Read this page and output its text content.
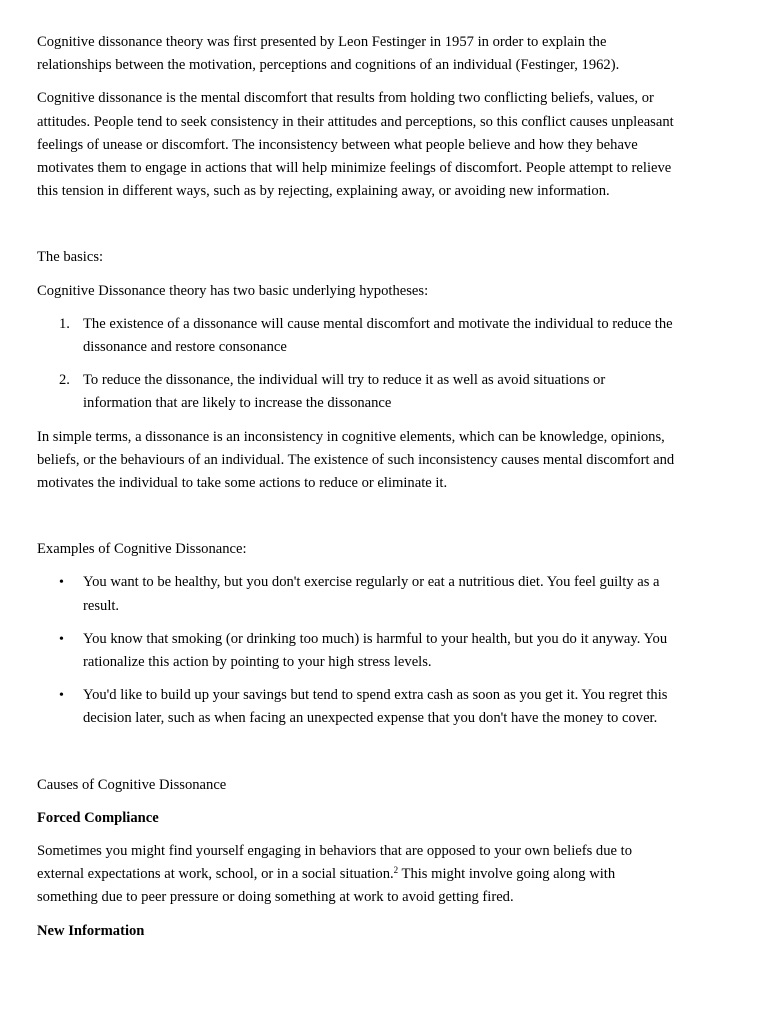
Cognitive dissonance theory was first presented by Leon Festinger in 1957 in order to explain the relationships between the motivation, perceptions and cognitions of an individual (Festinger, 1962).

Cognitive dissonance is the mental discomfort that results from holding two conflicting beliefs, values, or attitudes. People tend to seek consistency in their attitudes and perceptions, so this conflict causes unpleasant feelings of unease or discomfort. The inconsistency between what people believe and how they behave motivates them to engage in actions that will help minimize feelings of discomfort. People attempt to relieve this tension in different ways, such as by rejecting, explaining away, or avoiding new information.

The basics:

Cognitive Dissonance theory has two basic underlying hypotheses:

1. The existence of a dissonance will cause mental discomfort and motivate the individual to reduce the dissonance and restore consonance
2. To reduce the dissonance, the individual will try to reduce it as well as avoid situations or information that are likely to increase the dissonance

In simple terms, a dissonance is an inconsistency in cognitive elements, which can be knowledge, opinions, beliefs, or the behaviours of an individual. The existence of such inconsistency causes mental discomfort and motivates the individual to take some actions to reduce or eliminate it.

Examples of Cognitive Dissonance:

• You want to be healthy, but you don't exercise regularly or eat a nutritious diet. You feel guilty as a result.
• You know that smoking (or drinking too much) is harmful to your health, but you do it anyway. You rationalize this action by pointing to your high stress levels.
• You'd like to build up your savings but tend to spend extra cash as soon as you get it. You regret this decision later, such as when facing an unexpected expense that you don't have the money to cover.

Causes of Cognitive Dissonance

Forced Compliance

Sometimes you might find yourself engaging in behaviors that are opposed to your own beliefs due to external expectations at work, school, or in a social situation.$^2$ This might involve going along with something due to peer pressure or doing something at work to avoid getting fired.

New Information
